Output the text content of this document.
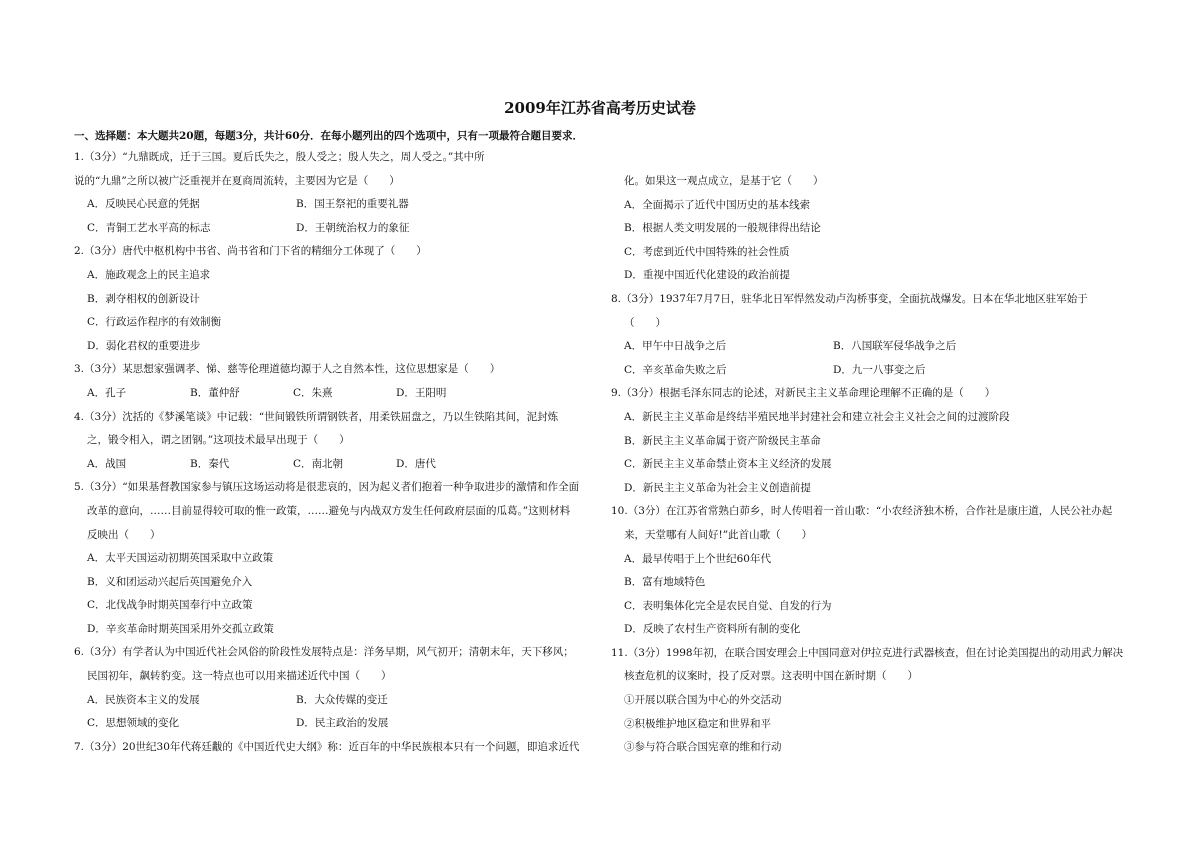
2009年江苏省高考历史试卷
一、选择题：本大题共20题，每题3分，共计60分．在每小题列出的四个选项中，只有一项最符合题目要求．
1.（3分）“九鼎既成，迁于三国。夏后氏失之，殷人受之；殷人失之，周人受之。”其中所
说的“九鼎”之所以被广泛重视并在夏商周流转，主要因为它是（　　）
A．反映民心民意的凭据	B．国王祭祀的重要礼器
C．青铜工艺水平高的标志	D．王朝统治权力的象征
2.（3分）唐代中枢机构中书省、尚书省和门下省的精细分工体现了（　　）
A．施政观念上的民主追求
B．剥夺相权的创新设计
C．行政运作程序的有效制衡
D．弱化君权的重要进步
3.（3分）某思想家强调孝、悌、慈等伦理道德均源于人之自然本性，这位思想家是（　　）
A．孔子	B．董仲舒	C．朱熹	D．王阳明
4.（3分）沈括的《梦溪笔谈》中记载：“世间锻铁所谓钢铁者，用柔铁屈盘之，乃以生铁陷其间，泥封炼
之，锻令相入，谓之团钢。”这项技术最早出现于（　　）
A．战国	B．秦代	C．南北朝	D．唐代
5.（3分）“如果基督教国家参与镇压这场运动将是很悲哀的，因为起义者们抱着一种争取进步的激情和作全面
改革的意向，……目前显得较可取的惟一政策，……避免与内战双方发生任何政府层面的瓜葛。”这则材料
反映出（　　）
A．太平天国运动初期英国采取中立政策
B．义和团运动兴起后英国避免介入
C．北伐战争时期英国奉行中立政策
D．辛亥革命时期英国采用外交孤立政策
6.（3分）有学者认为中国近代社会风俗的阶段性发展特点是：洋务早期，风气初开；清朝末年，天下移风；
民国初年，飙转豹变。这一特点也可以用来描述近代中国（　　）
A．民族资本主义的发展	B．大众传媒的变迁
C．思想领域的变化	D．民主政治的发展
7.（3分）20世纪30年代蒋廷黻的《中国近代史大纲》称：近百年的中华民族根本只有一个问题，即追求近代
化。如果这一观点成立，是基于它（　　）
A．全面揭示了近代中国历史的基本线索
B．根据人类文明发展的一般规律得出结论
C．考虑到近代中国特殊的社会性质
D．重视中国近代化建设的政治前提
8.（3分）1937年7月7日，驻华北日军悍然发动卢沟桥事变，全面抗战爆发。日本在华北地区驻军始于
（　　）
A．甲午中日战争之后	B．八国联军侵华战争之后
C．辛亥革命失败之后	D．九一八事变之后
9.（3分）根据毛泽东同志的论述，对新民主主义革命理论理解不正确的是（　　）
A．新民主主义革命是终结半殖民地半封建社会和建立社会主义社会之间的过渡阶段
B．新民主主义革命属于资产阶级民主革命
C．新民主主义革命禁止资本主义经济的发展
D．新民主主义革命为社会主义创造前提
10.（3分）在江苏省常熟白茆乡，时人传唱着一首山歌：“小农经济独木桥，合作社是康庄道，人民公社办起
来，天堂哪有人间好!”此首山歌（　　）
A．最早传唱于上个世纪60年代
B．富有地域特色
C．表明集体化完全是农民自觉、自发的行为
D．反映了农村生产资料所有制的变化
11.（3分）1998年初，在联合国安理会上中国同意对伊拉克进行武器核查，但在讨论美国提出的动用武力解决
核查危机的议案时，投了反对票。这表明中国在新时期（　　）
①开展以联合国为中心的外交活动
②积极维护地区稳定和世界和平
③参与符合联合国宪章的维和行动
